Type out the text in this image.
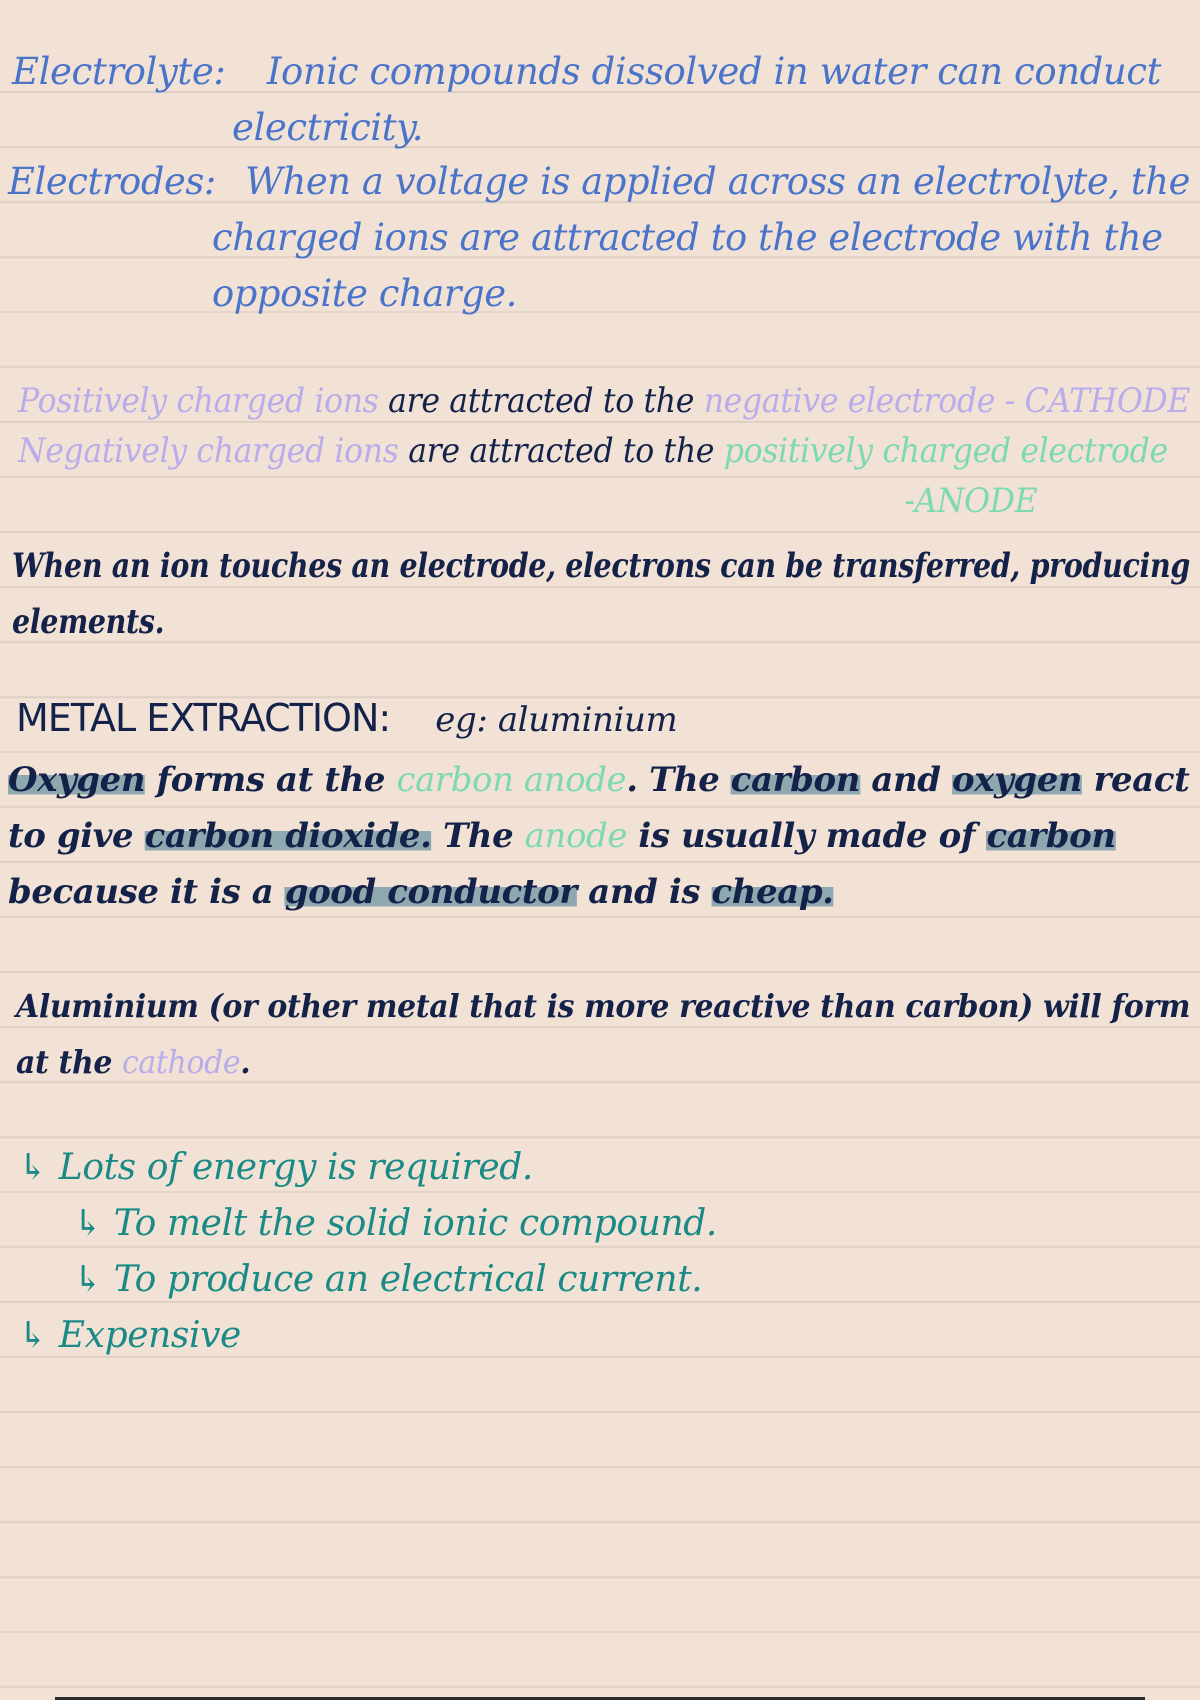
Electrolyte: Ionic compounds dissolved in water can conduct
electricity.
Electrodes: When a voltage is applied across an electrolyte, the
charged ions are attracted to the electrode with the
opposite charge.
Positively charged ions are attracted to the negative electrode - CATHODE
Negatively charged ions are attracted to the positively charged electrode
-ANODE
When an ion touches an electrode, electrons can be transferred, producing
elements.
METAL EXTRACTION: eg: aluminium
Oxygen forms at the carbon anode. The carbon and oxygen react
to give carbon dioxide. The anode is usually made of carbon
because it is a good conductor and is cheap.
Aluminium (or other metal that is more reactive than carbon) will form
at the cathode.
↳ Lots of energy is required.
↳ To melt the solid ionic compound.
↳ To produce an electrical current.
↳ Expensive
